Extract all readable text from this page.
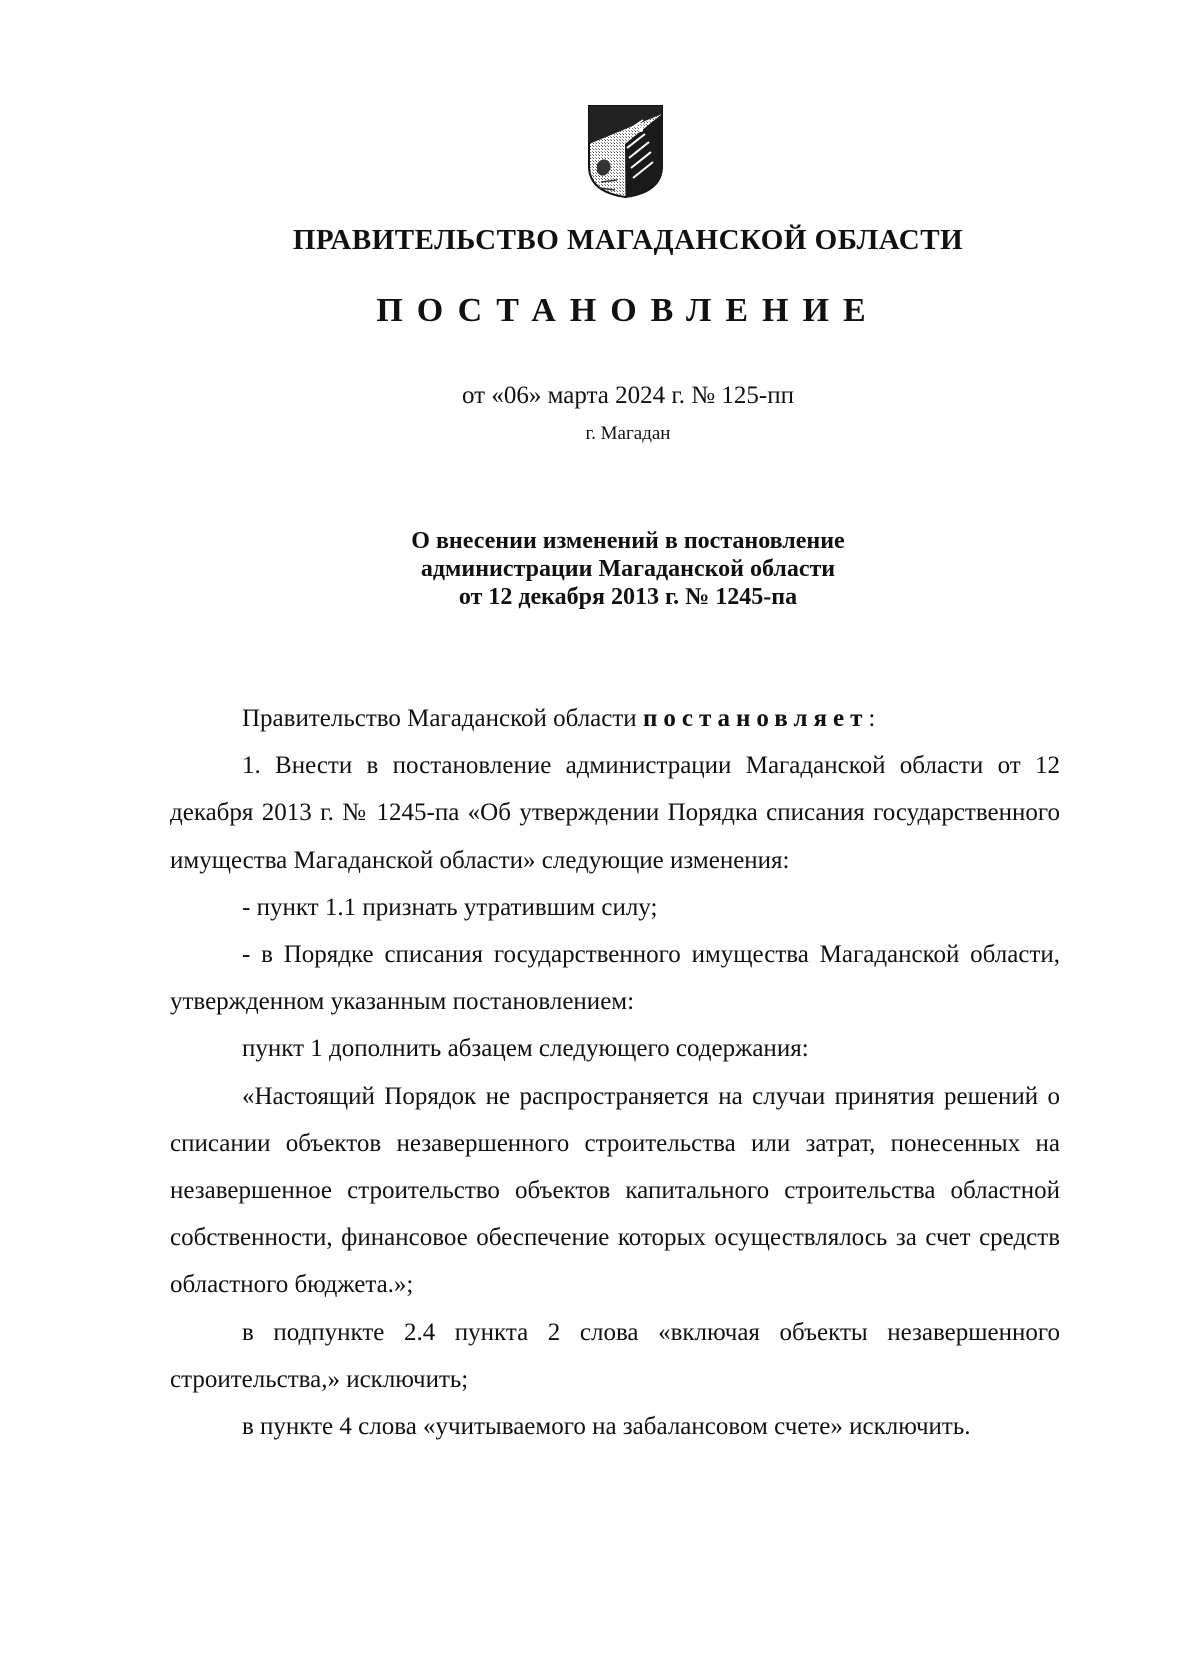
ПРАВИТЕЛЬСТВО МАГАДАНСКОЙ ОБЛАСТИ
ПОСТАНОВЛЕНИЕ
от «06» марта 2024 г. № 125-пп
г. Магадан
О внесении изменений в постановление
администрации Магаданской области
от 12 декабря 2013 г. № 1245-па

Правительство Магаданской области постановляет:

1. Внести в постановление администрации Магаданской области от 12 декабря 2013 г. № 1245-па «Об утверждении Порядка списания государственного имущества Магаданской области» следующие изменения:

- пункт 1.1 признать утратившим силу;

- в Порядке списания государственного имущества Магаданской области, утвержденном указанным постановлением:

пункт 1 дополнить абзацем следующего содержания:

«Настоящий Порядок не распространяется на случаи принятия решений о списании объектов незавершенного строительства или затрат, понесенных на незавершенное строительство объектов капитального строительства областной собственности, финансовое обеспечение которых осуществлялось за счет средств областного бюджета.»;

в подпункте 2.4 пункта 2 слова «включая объекты незавершенного строительства,» исключить;

в пункте 4 слова «учитываемого на забалансовом счете» исключить.
